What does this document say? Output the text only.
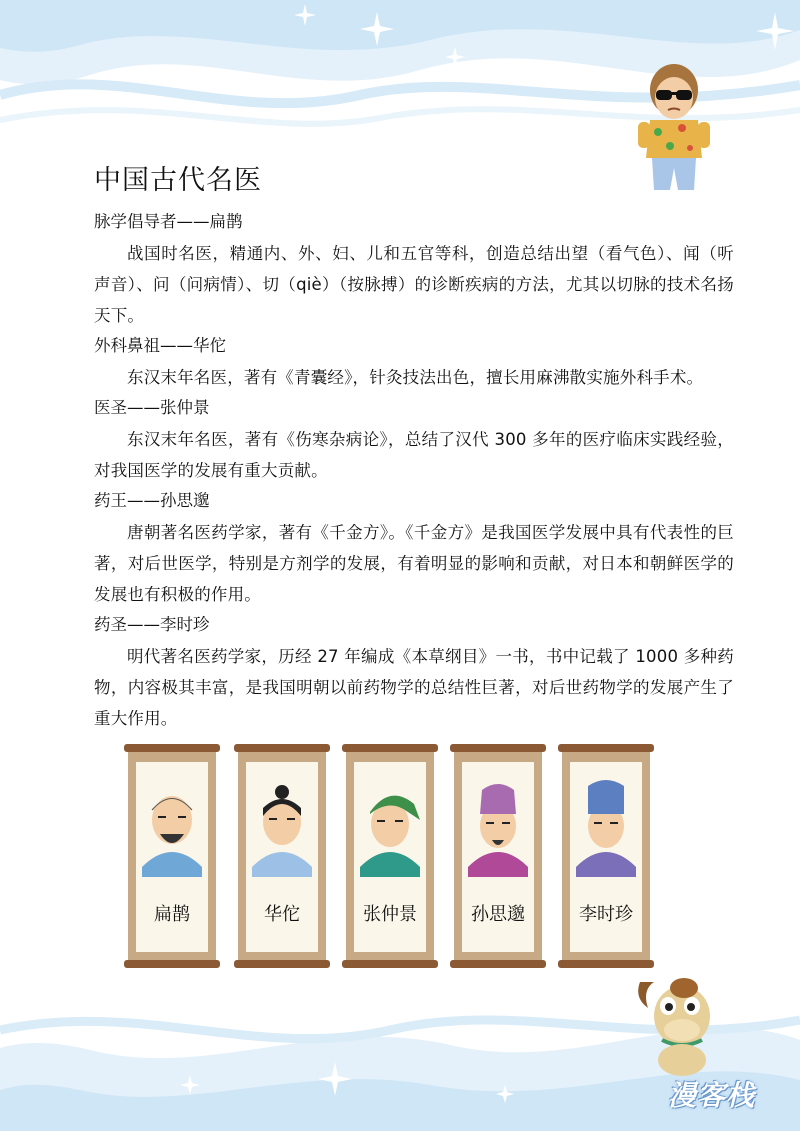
中国古代名医

脉学倡导者——扁鹊

战国时名医，精通内、外、妇、儿和五官等科，创造总结出望（看气色）、闻（听声音）、问（问病情）、切（qiè）（按脉搏）的诊断疾病的方法，尤其以切脉的技术名扬天下。

外科鼻祖——华佗

东汉末年名医，著有《青囊经》，针灸技法出色，擅长用麻沸散实施外科手术。

医圣——张仲景

东汉末年名医，著有《伤寒杂病论》，总结了汉代 300 多年的医疗临床实践经验，对我国医学的发展有重大贡献。

药王——孙思邈

唐朝著名医药学家，著有《千金方》。《千金方》是我国医学发展中具有代表性的巨著，对后世医学，特别是方剂学的发展，有着明显的影响和贡献，对日本和朝鲜医学的发展也有积极的作用。

药圣——李时珍

明代著名医药学家，历经 27 年编成《本草纲目》一书，书中记载了 1000 多种药物，内容极其丰富，是我国明朝以前药物学的总结性巨著，对后世药物学的发展产生了重大作用。

扁鹊	华佗	张仲景	孙思邈	李时珍
漫客栈
